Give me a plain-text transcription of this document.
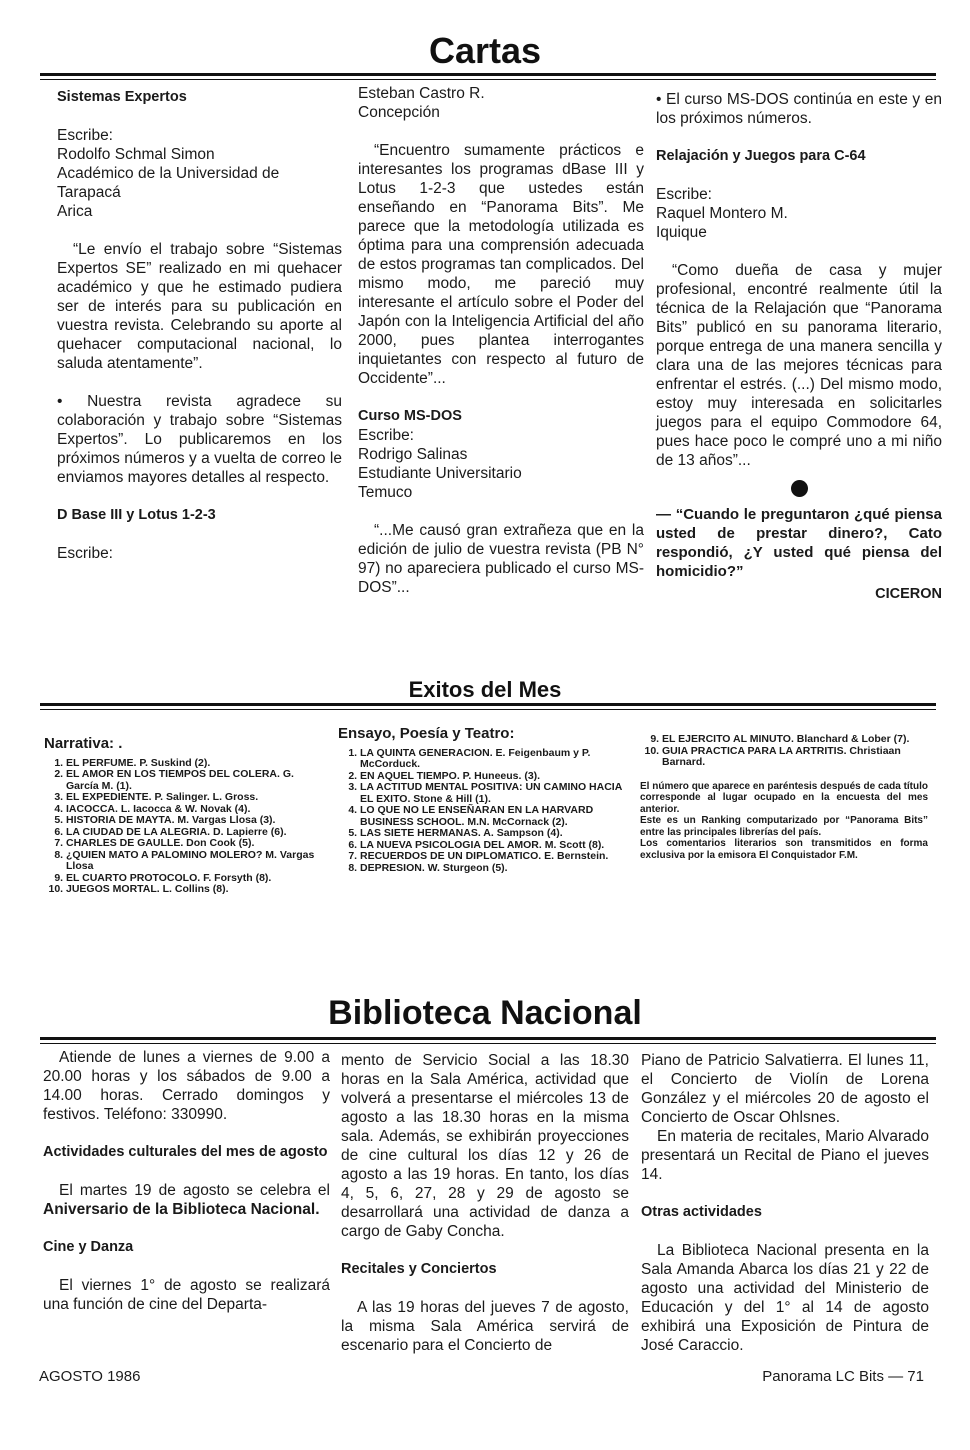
Cartas

Sistemas Expertos

Escribe:

Rodolfo Schmal Simon

Académico de la Universidad de Tarapacá

Arica

“Le envío el trabajo sobre “Sistemas Expertos SE” realizado en mi quehacer académico y que he estimado pudiera ser de interés para su publicación en vuestra revista. Celebrando su aporte al quehacer computacional nacional, lo saluda atentamente”.

• Nuestra revista agradece su colaboración y trabajo sobre “Sistemas Expertos”. Lo publicaremos en los próximos números y a vuelta de correo le enviamos mayores detalles al respecto.

D Base III y Lotus 1-2-3

Escribe:

Esteban Castro R.

Concepción

“Encuentro sumamente prácticos e interesantes los programas dBase III y Lotus 1-2-3 que ustedes están enseñando en “Panorama Bits”. Me parece que la metodología utilizada es óptima para una comprensión adecuada de estos programas tan complicados. Del mismo modo, me pareció muy interesante el artículo sobre el Poder del Japón con la Inteligencia Artificial del año 2000, pues plantea interrogantes inquietantes con respecto al futuro de Occidente”...

Curso MS-DOS

Escribe:

Rodrigo Salinas

Estudiante Universitario

Temuco

“...Me causó gran extrañeza que en la edición de julio de vuestra revista (PB N° 97) no apareciera publicado el curso MS-DOS”...

• El curso MS-DOS continúa en este y en los próximos números.

Relajación y Juegos para C-64

Escribe:

Raquel Montero M.

Iquique

“Como dueña de casa y mujer profesional, encontré realmente útil la técnica de la Relajación que “Panorama Bits” publicó en su panorama literario, porque entrega de una manera sencilla y clara una de las mejores técnicas para enfrentar el estrés. (...) Del mismo modo, estoy muy interesada en solicitarles juegos para el equipo Commodore 64, pues hace poco le compré uno a mi niño de 13 años”...

— “Cuando le preguntaron ¿qué piensa usted de prestar dinero?, Cato respondió, ¿Y usted qué piensa del homicidio?”

CICERON

Exitos del Mes
Narrativa: .
1. EL PERFUME. P. Suskind (2).
2. EL AMOR EN LOS TIEMPOS DEL COLERA. G. García M. (1).
3. EL EXPEDIENTE. P. Salinger. L. Gross.
4. IACOCCA. L. Iacocca & W. Novak (4).
5. HISTORIA DE MAYTA. M. Vargas Llosa (3).
6. LA CIUDAD DE LA ALEGRIA. D. Lapierre (6).
7. CHARLES DE GAULLE. Don Cook (5).
8. ¿QUIEN MATO A PALOMINO MOLERO? M. Vargas Llosa
9. EL CUARTO PROTOCOLO. F. Forsyth (8).
10. JUEGOS MORTAL. L. Collins (8).
Ensayo, Poesía y Teatro:
1. LA QUINTA GENERACION. E. Feigenbaum y P. McCorduck.
2. EN AQUEL TIEMPO. P. Huneeus. (3).
3. LA ACTITUD MENTAL POSITIVA: UN CAMINO HACIA EL EXITO. Stone & Hill (1).
4. LO QUE NO LE ENSEÑARAN EN LA HARVARD BUSINESS SCHOOL. M.N. McCornack (2).
5. LAS SIETE HERMANAS. A. Sampson (4).
6. LA NUEVA PSICOLOGIA DEL AMOR. M. Scott (8).
7. RECUERDOS DE UN DIPLOMATICO. E. Bernstein.
8. DEPRESION. W. Sturgeon (5).
9. EL EJERCITO AL MINUTO. Blanchard & Lober (7).
10. GUIA PRACTICA PARA LA ARTRITIS. Christiaan Barnard.
El número que aparece en paréntesis después de cada título corresponde al lugar ocupado en la encuesta del mes anterior.
Este es un Ranking computarizado por “Panorama Bits” entre las principales librerías del país.
Los comentarios literarios son transmitidos en forma exclusiva por la emisora El Conquistador F.M.
Biblioteca Nacional

Atiende de lunes a viernes de 9.00 a 20.00 horas y los sábados de 9.00 a 14.00 horas. Cerrado domingos y festivos. Teléfono: 330990.

Actividades culturales del mes de agosto

El martes 19 de agosto se celebra el Aniversario de la Biblioteca Nacional.

Cine y Danza

El viernes 1° de agosto se realizará una función de cine del Departa-

mento de Servicio Social a las 18.30 horas en la Sala América, actividad que volverá a presentarse el miércoles 13 de agosto a las 18.30 horas en la misma sala. Además, se exhibirán proyecciones de cine cultural los días 12 y 26 de agosto a las 19 horas. En tanto, los días 4, 5, 6, 27, 28 y 29 de agosto se desarrollará una actividad de danza a cargo de Gaby Concha.

Recitales y Conciertos

A las 19 horas del jueves 7 de agosto, la misma Sala América servirá de escenario para el Concierto de

Piano de Patricio Salvatierra. El lunes 11, el Concierto de Violín de Lorena González y el miércoles 20 de agosto el Concierto de Oscar Ohlsnes.

En materia de recitales, Mario Alvarado presentará un Recital de Piano el jueves 14.

Otras actividades

La Biblioteca Nacional presenta en la Sala Amanda Abarca los días 21 y 22 de agosto una actividad del Ministerio de Educación y del 1° al 14 de agosto exhibirá una Exposición de Pintura de José Caraccio.

AGOSTO 1986	Panorama LC Bits — 71
